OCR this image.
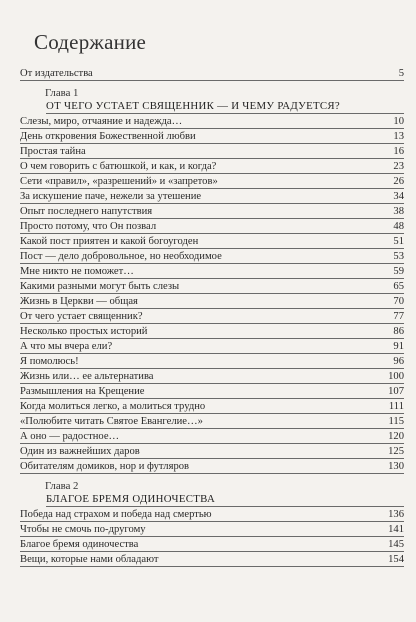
Содержание
От издательства	5
Глава 1
ОТ ЧЕГО УСТАЕТ СВЯЩЕННИК — И ЧЕМУ РАДУЕТСЯ?
Слезы, миро, отчаяние и надежда…	10
День откровения Божественной любви	13
Простая тайна	16
О чем говорить с батюшкой, и как, и когда?	23
Сети «правил», «разрешений» и «запретов»	26
За искушение паче, нежели за утешение	34
Опыт последнего напутствия	38
Просто потому, что Он позвал	48
Какой пост приятен и какой богоугоден	51
Пост — дело добровольное, но необходимое	53
Мне никто не поможет…	59
Какими разными могут быть слезы	65
Жизнь в Церкви — общая	70
От чего устает священник?	77
Несколько простых историй	86
А что мы вчера ели?	91
Я помолюсь!	96
Жизнь или… ее альтернатива	100
Размышления на Крещение	107
Когда молиться легко, а молиться трудно	111
«Полюбите читать Святое Евангелие…»	115
А оно — радостное…	120
Один из важнейших даров	125
Обитателям домиков, нор и футляров	130
Глава 2
БЛАГОЕ БРЕМЯ ОДИНОЧЕСТВА
Победа над страхом и победа над смертью	136
Чтобы не смочь по-другому	141
Благое бремя одиночества	145
Вещи, которые нами обладают	154
